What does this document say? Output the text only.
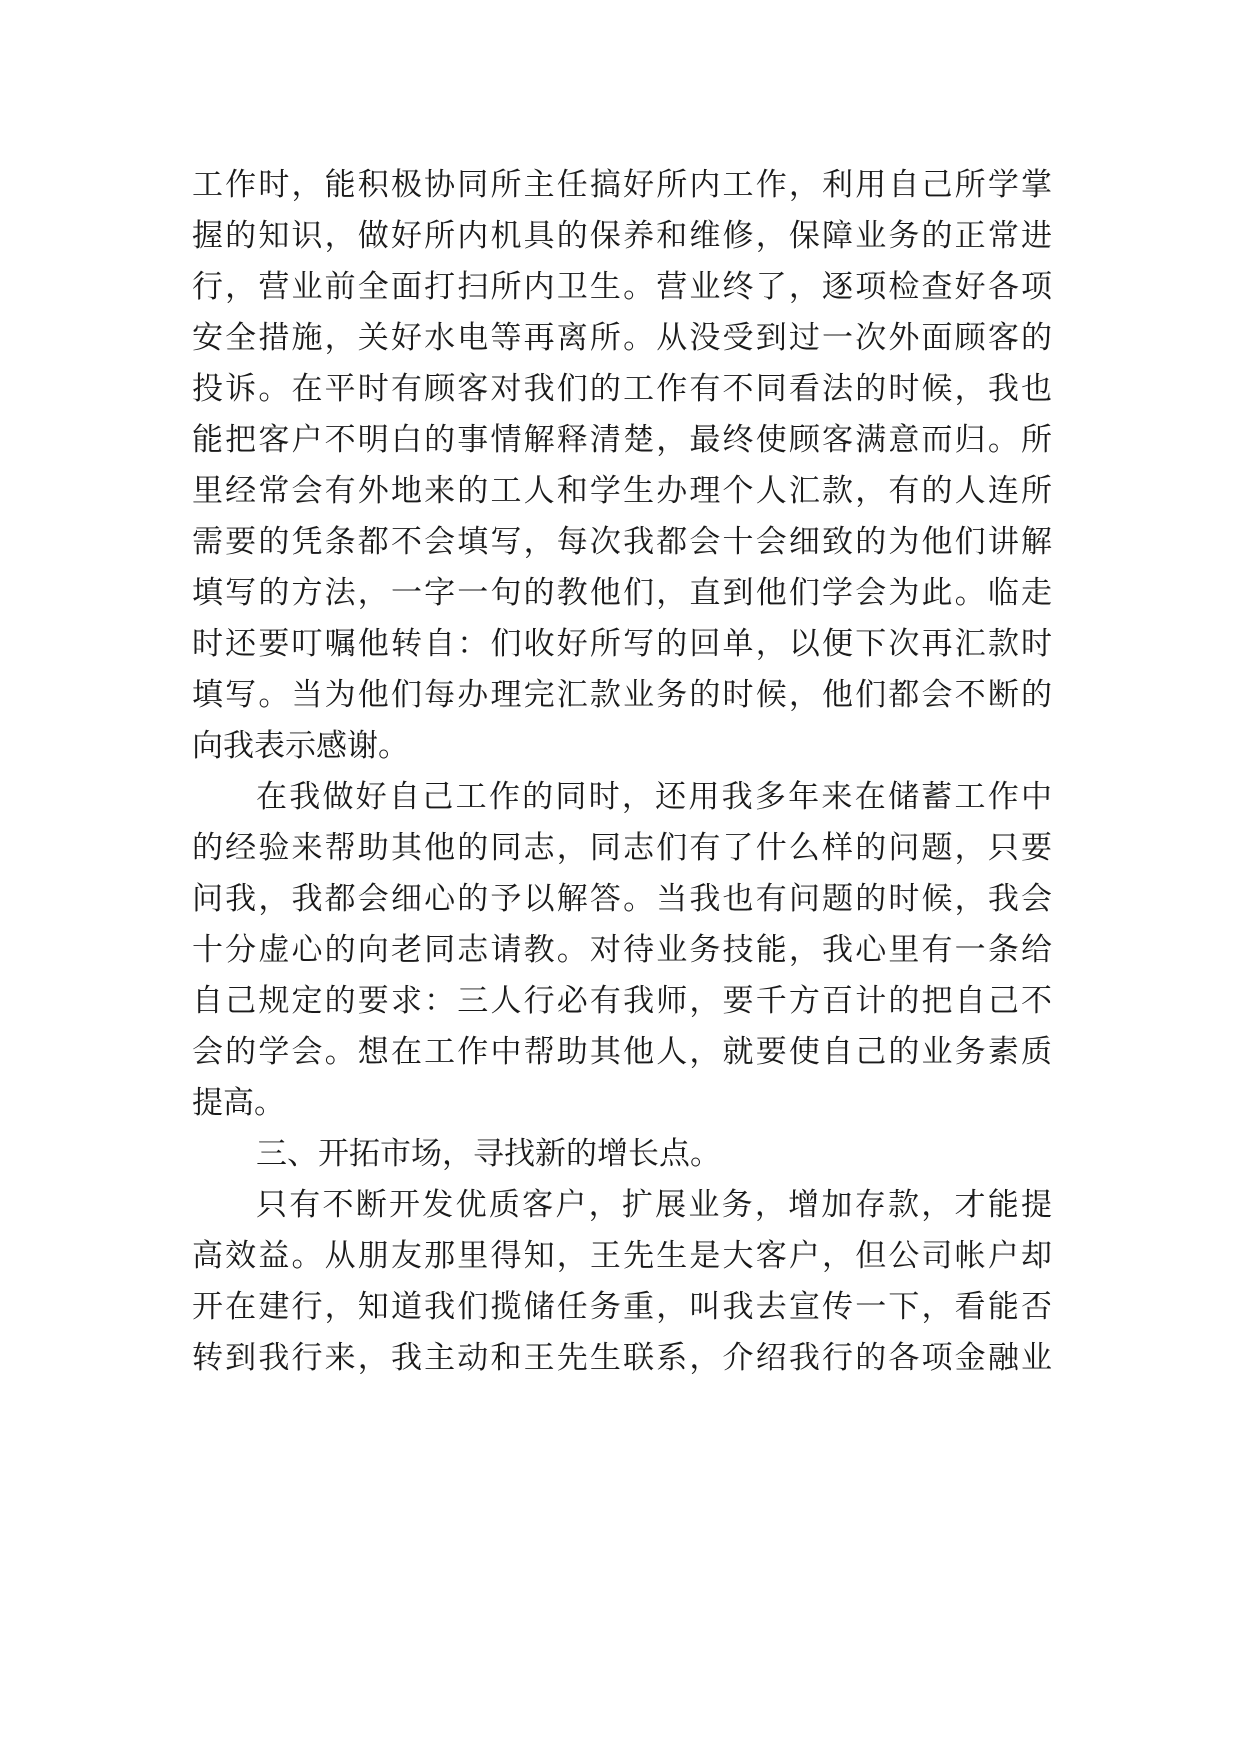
工作时，能积极协同所主任搞好所内工作，利用自己所学掌
握的知识，做好所内机具的保养和维修，保障业务的正常进
行，营业前全面打扫所内卫生。营业终了，逐项检查好各项
安全措施，关好水电等再离所。从没受到过一次外面顾客的
投诉。在平时有顾客对我们的工作有不同看法的时候，我也
能把客户不明白的事情解释清楚，最终使顾客满意而归。所
里经常会有外地来的工人和学生办理个人汇款，有的人连所
需要的凭条都不会填写，每次我都会十会细致的为他们讲解
填写的方法，一字一句的教他们，直到他们学会为此。临走
时还要叮嘱他转自：们收好所写的回单，以便下次再汇款时
填写。当为他们每办理完汇款业务的时候，他们都会不断的
向我表示感谢。
在我做好自己工作的同时，还用我多年来在储蓄工作中
的经验来帮助其他的同志，同志们有了什么样的问题，只要
问我，我都会细心的予以解答。当我也有问题的时候，我会
十分虚心的向老同志请教。对待业务技能，我心里有一条给
自己规定的要求：三人行必有我师，要千方百计的把自己不
会的学会。想在工作中帮助其他人，就要使自己的业务素质
提高。
三、开拓市场，寻找新的增长点。
只有不断开发优质客户，扩展业务，增加存款，才能提
高效益。从朋友那里得知，王先生是大客户，但公司帐户却
开在建行，知道我们揽储任务重，叫我去宣传一下，看能否
转到我行来，我主动和王先生联系，介绍我行的各项金融业
